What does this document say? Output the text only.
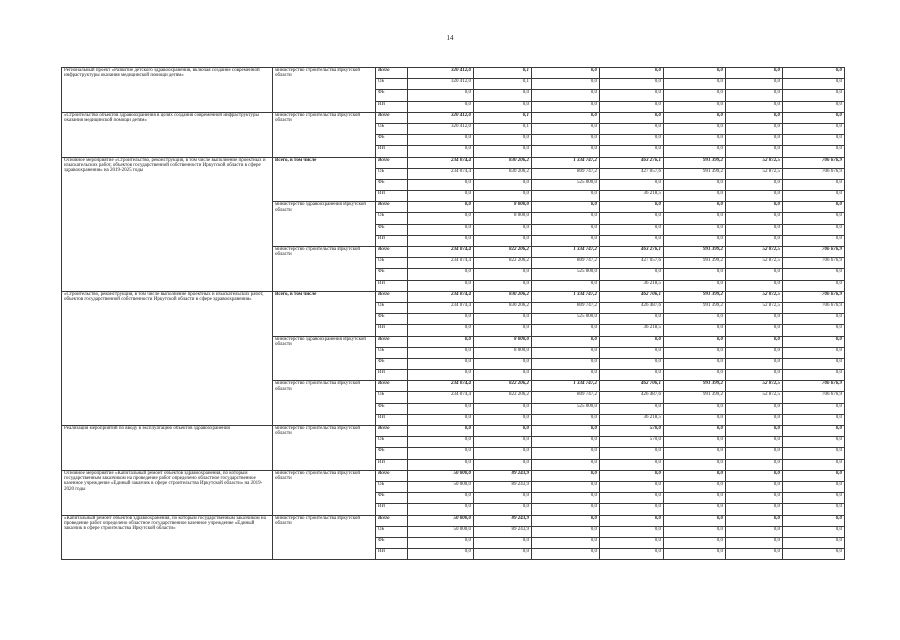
14
Региональный проект «Развитие детского здравоохранения, включая создание современной инфраструктуры оказания медицинской помощи детям»	министерство строительства Иркутской области	Всего	320 412,0	0,1	0,0	0,0	0,0	0,0	0,0
		ОБ	320 412,0	0,1	0,0	0,0	0,0	0,0	0,0
		ФБ	0,0	0,0	0,0	0,0	0,0	0,0	0,0
		ИИ	0,0	0,0	0,0	0,0	0,0	0,0	0,0
«Строительство объектов здравоохранения в целях создания современной инфраструктуры оказания медицинской помощи детям»	министерство строительства Иркутской области	Всего	320 412,0	0,1	0,0	0,0	0,0	0,0	0,0
		ОБ	320 412,0	0,1	0,0	0,0	0,0	0,0	0,0
		ФБ	0,0	0,0	0,0	0,0	0,0	0,0	0,0
		ИИ	0,0	0,0	0,0	0,0	0,0	0,0	0,0
Основное мероприятие «Строительство, реконструкция, в том числе выполнение проектных и изыскательских работ, объектов государственной собственности Иркутской области в сфере здравоохранения» на 2019-2025 годы	Всего, в том числе	Всего	234 074,4	830 206,2	1 334 747,2	463 276,1	991 399,2	52 872,5	706 676,9
		ОБ	234 074,4	830 206,2	809 747,2	427 057,6	991 399,2	52 872,5	706 676,9
		ФБ	0,0	0,0	525 000,0	0,0	0,0	0,0	0,0
		ИИ	0,0	0,0	0,0	36 218,5	0,0	0,0	0,0
	министерство здравоохранения Иркутской области	Всего	0,0	8 000,0	0,0	0,0	0,0	0,0	0,0
		ОБ	0,0	8 000,0	0,0	0,0	0,0	0,0	0,0
		ФБ	0,0	0,0	0,0	0,0	0,0	0,0	0,0
		ИИ	0,0	0,0	0,0	0,0	0,0	0,0	0,0
	министерство строительства Иркутской области	Всего	234 074,4	822 206,2	1 334 747,2	463 276,1	991 399,2	52 872,5	706 676,9
		ОБ	234 074,4	822 206,2	809 747,2	427 057,6	991 399,2	52 872,5	706 676,9
		ФБ	0,0	0,0	525 000,0	0,0	0,0	0,0	0,0
		ИИ	0,0	0,0	0,0	36 218,5	0,0	0,0	0,0
«Строительство, реконструкция, в том числе выполнение проектных и изыскательских работ, объектов государственной собственности Иркутской области в сфере здравоохранения»	Всего, в том числе	Всего	234 074,4	830 206,2	1 334 747,2	462 706,1	991 399,2	52 872,5	706 676,9
		ОБ	234 074,4	830 206,2	809 747,2	426 487,6	991 399,2	52 872,5	706 676,9
		ФБ	0,0	0,0	525 000,0	0,0	0,0	0,0	0,0
		ИИ	0,0	0,0	0,0	36 218,5	0,0	0,0	0,0
	министерство здравоохранения Иркутской области	Всего	0,0	8 000,0	0,0	0,0	0,0	0,0	0,0
		ОБ	0,0	8 000,0	0,0	0,0	0,0	0,0	0,0
		ФБ	0,0	0,0	0,0	0,0	0,0	0,0	0,0
		ИИ	0,0	0,0	0,0	0,0	0,0	0,0	0,0
	министерство строительства Иркутской области	Всего	234 074,4	822 206,2	1 334 747,2	462 706,1	991 399,2	52 872,5	706 676,9
		ОБ	234 074,4	822 206,2	809 747,2	426 487,6	991 399,2	52 872,5	706 676,9
		ФБ	0,0	0,0	525 000,0	0,0	0,0	0,0	0,0
		ИИ	0,0	0,0	0,0	36 218,5	0,0	0,0	0,0
Реализация мероприятий по вводу в эксплуатацию объектов здравоохранения	министерство строительства Иркутской области	Всего	0,0	0,0	0,0	570,0	0,0	0,0	0,0
		ОБ	0,0	0,0	0,0	570,0	0,0	0,0	0,0
		ФБ	0,0	0,0	0,0	0,0	0,0	0,0	0,0
		ИИ	0,0	0,0	0,0	0,0	0,0	0,0	0,0
Основное мероприятие «Капитальный ремонт объектов здравоохранения, по которым государственным заказчиком на проведение работ определено областное государственное казенное учреждение «Единый заказчик в сфере строительства Иркутской области» на 2019-2020 годы	министерство строительства Иркутской области	Всего	50 000,0	89 243,9	0,0	0,0	0,0	0,0	0,0
		ОБ	50 000,0	89 243,9	0,0	0,0	0,0	0,0	0,0
		ФБ	0,0	0,0	0,0	0,0	0,0	0,0	0,0
		ИИ	0,0	0,0	0,0	0,0	0,0	0,0	0,0
«Капитальный ремонт объектов здравоохранения, по которым государственным заказчиком на проведение работ определено областное государственное казенное учреждение «Единый заказчик в сфере строительства Иркутской области»	министерство строительства Иркутской области	Всего	50 000,0	89 243,9	0,0	0,0	0,0	0,0	0,0
		ОБ	50 000,0	89 243,9	0,0	0,0	0,0	0,0	0,0
		ФБ	0,0	0,0	0,0	0,0	0,0	0,0	0,0
		ИИ	0,0	0,0	0,0	0,0	0,0	0,0	0,0
